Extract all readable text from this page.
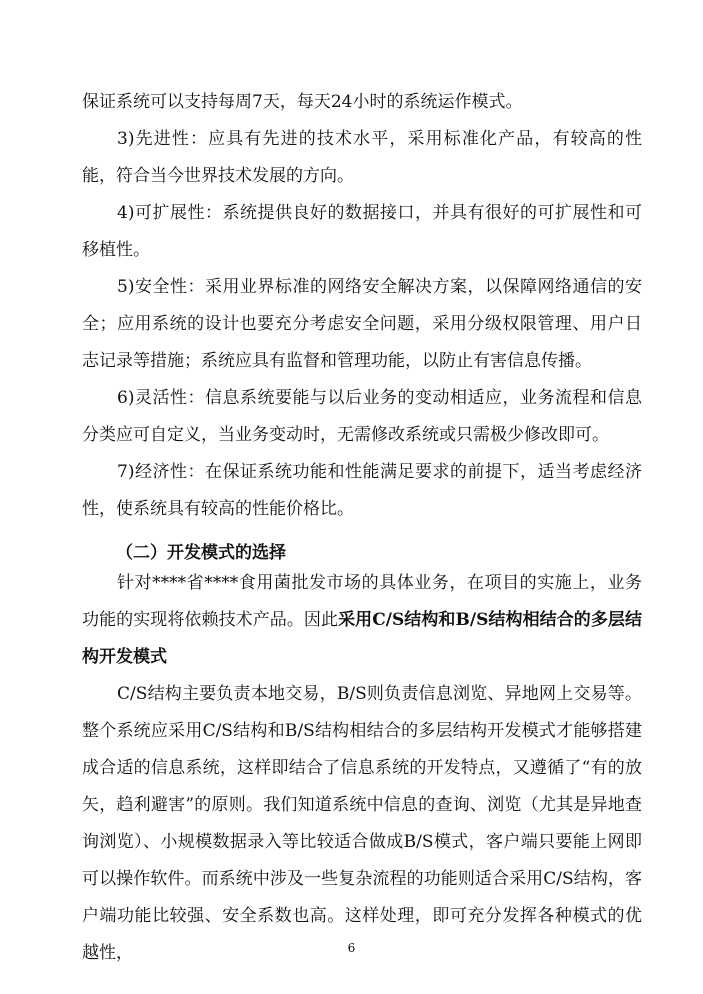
保证系统可以支持每周7天，每天24小时的系统运作模式。

3)先进性：应具有先进的技术水平，采用标准化产品，有较高的性能，符合当今世界技术发展的方向。

4)可扩展性：系统提供良好的数据接口，并具有很好的可扩展性和可移植性。

5)安全性：采用业界标准的网络安全解决方案，以保障网络通信的安全；应用系统的设计也要充分考虑安全问题，采用分级权限管理、用户日志记录等措施；系统应具有监督和管理功能，以防止有害信息传播。

6)灵活性：信息系统要能与以后业务的变动相适应，业务流程和信息分类应可自定义，当业务变动时，无需修改系统或只需极少修改即可。

7)经济性：在保证系统功能和性能满足要求的前提下，适当考虑经济性，使系统具有较高的性能价格比。

（二）开发模式的选择

针对****省****食用菌批发市场的具体业务，在项目的实施上，业务功能的实现将依赖技术产品。因此采用C/S结构和B/S结构相结合的多层结构开发模式

C/S结构主要负责本地交易，B/S则负责信息浏览、异地网上交易等。整个系统应采用C/S结构和B/S结构相结合的多层结构开发模式才能够搭建成合适的信息系统，这样即结合了信息系统的开发特点，又遵循了“有的放矢，趋利避害”的原则。我们知道系统中信息的查询、浏览（尤其是异地查询浏览）、小规模数据录入等比较适合做成B/S模式，客户端只要能上网即可以操作软件。而系统中涉及一些复杂流程的功能则适合采用C/S结构，客户端功能比较强、安全系数也高。这样处理，即可充分发挥各种模式的优越性，	6
